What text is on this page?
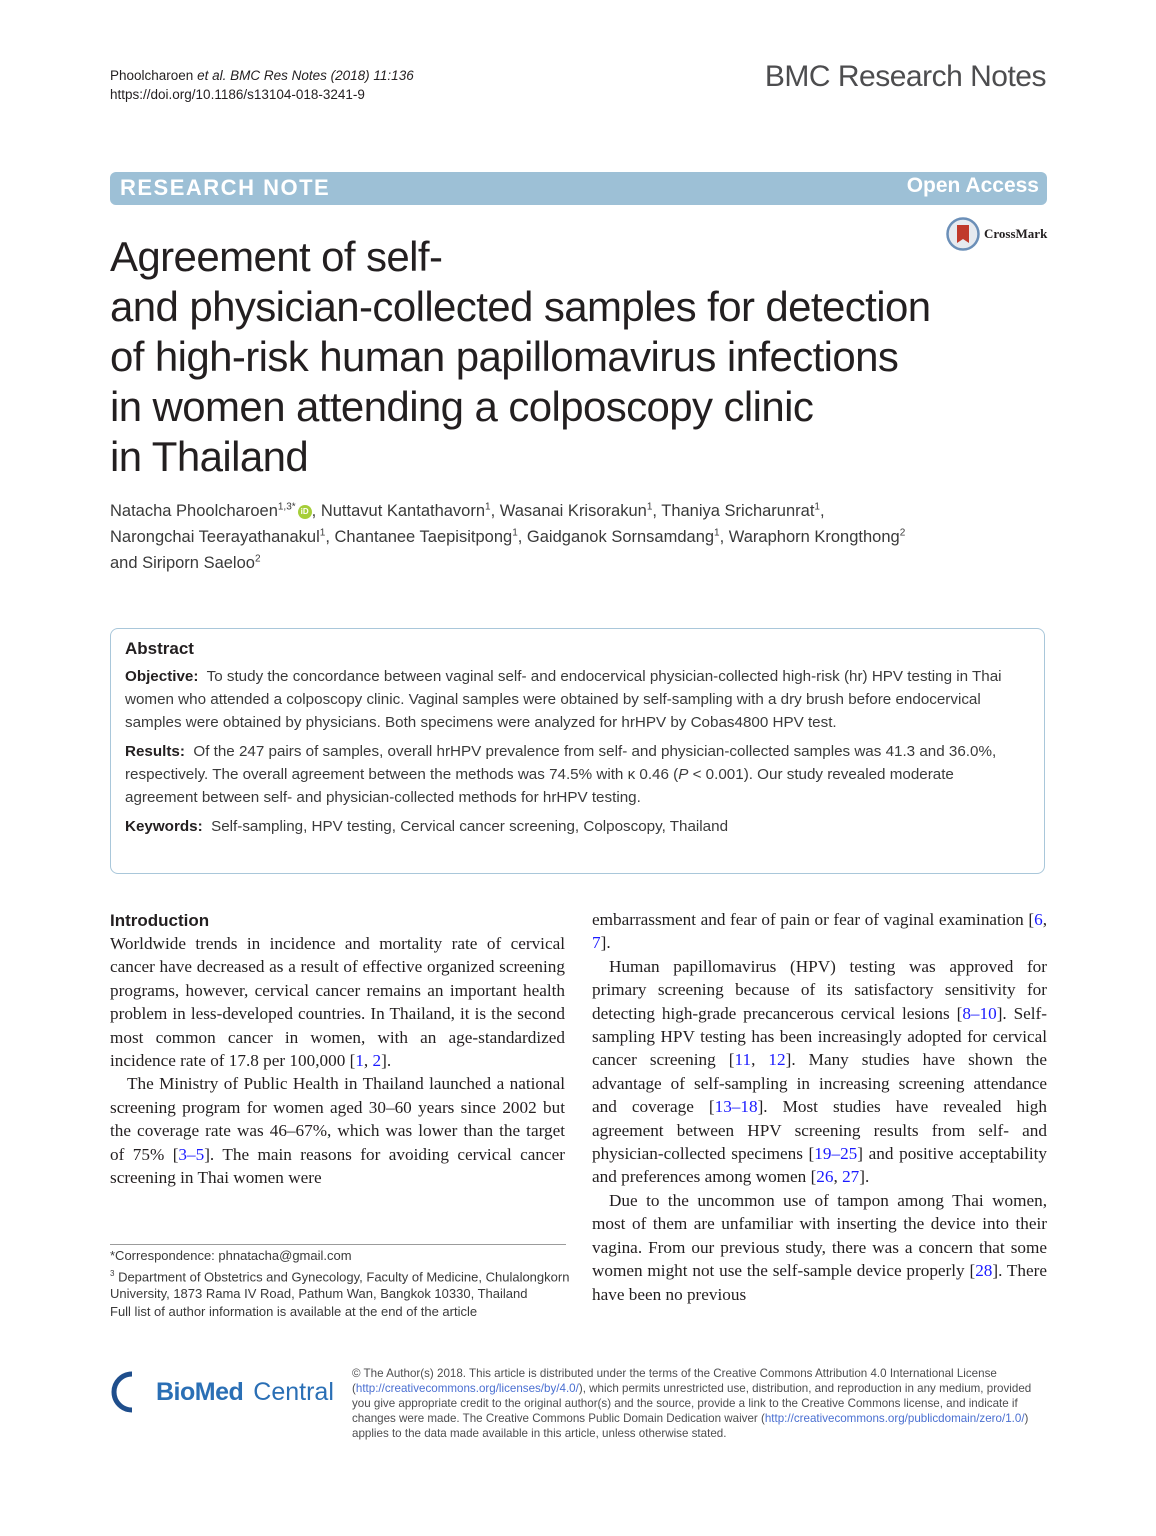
Phoolcharoen et al. BMC Res Notes (2018) 11:136
https://doi.org/10.1186/s13104-018-3241-9
BMC Research Notes
RESEARCH NOTE	Open Access
CrossMark
Agreement of self-
and physician-collected samples for detection
of high-risk human papillomavirus infections
in women attending a colposcopy clinic
in Thailand
Natacha Phoolcharoen$^{1,3*}$ iD , Nuttavut Kantathavorn$^1$, Wasanai Krisorakun$^1$, Thaniya Sricharunrat$^1$,
Narongchai Teerayathanakul$^1$, Chantanee Taepisitpong$^1$, Gaidganok Sornsamdang$^1$, Waraphorn Krongthong$^2$
and Siriporn Saeloo$^2$
Abstract

Objective: To study the concordance between vaginal self- and endocervical physician-collected high-risk (hr) HPV testing in Thai women who attended a colposcopy clinic. Vaginal samples were obtained by self-sampling with a dry brush before endocervical samples were obtained by physicians. Both specimens were analyzed for hrHPV by Cobas4800 HPV test.

Results: Of the 247 pairs of samples, overall hrHPV prevalence from self- and physician-collected samples was 41.3 and 36.0%, respectively. The overall agreement between the methods was 74.5% with κ 0.46 (P < 0.001). Our study revealed moderate agreement between self- and physician-collected methods for hrHPV testing.

Keywords: Self-sampling, HPV testing, Cervical cancer screening, Colposcopy, Thailand

Introduction

Worldwide trends in incidence and mortality rate of cervical cancer have decreased as a result of effective organized screening programs, however, cervical cancer remains an important health problem in less-developed countries. In Thailand, it is the second most common cancer in women, with an age-standardized incidence rate of 17.8 per 100,000 [1, 2].

The Ministry of Public Health in Thailand launched a national screening program for women aged 30–60 years since 2002 but the coverage rate was 46–67%, which was lower than the target of 75% [3–5]. The main reasons for avoiding cervical cancer screening in Thai women were

embarrassment and fear of pain or fear of vaginal examination [6, 7].

Human papillomavirus (HPV) testing was approved for primary screening because of its satisfactory sensitivity for detecting high-grade precancerous cervical lesions [8–10]. Self-sampling HPV testing has been increasingly adopted for cervical cancer screening [11, 12]. Many studies have shown the advantage of self-sampling in increasing screening attendance and coverage [13–18]. Most studies have revealed high agreement between HPV screening results from self- and physician-collected specimens [19–25] and positive acceptability and preferences among women [26, 27].

Due to the uncommon use of tampon among Thai women, most of them are unfamiliar with inserting the device into their vagina. From our previous study, there was a concern that some women might not use the self-sample device properly [28]. There have been no previous

*Correspondence: phnatacha@gmail.com
$^3$ Department of Obstetrics and Gynecology, Faculty of Medicine, Chulalongkorn University, 1873 Rama IV Road, Pathum Wan, Bangkok 10330, Thailand
Full list of author information is available at the end of the article
BioMed Central
© The Author(s) 2018. This article is distributed under the terms of the Creative Commons Attribution 4.0 International License (http://creativecommons.org/licenses/by/4.0/), which permits unrestricted use, distribution, and reproduction in any medium, provided you give appropriate credit to the original author(s) and the source, provide a link to the Creative Commons license, and indicate if changes were made. The Creative Commons Public Domain Dedication waiver (http://creativecommons.org/publicdomain/zero/1.0/) applies to the data made available in this article, unless otherwise stated.
